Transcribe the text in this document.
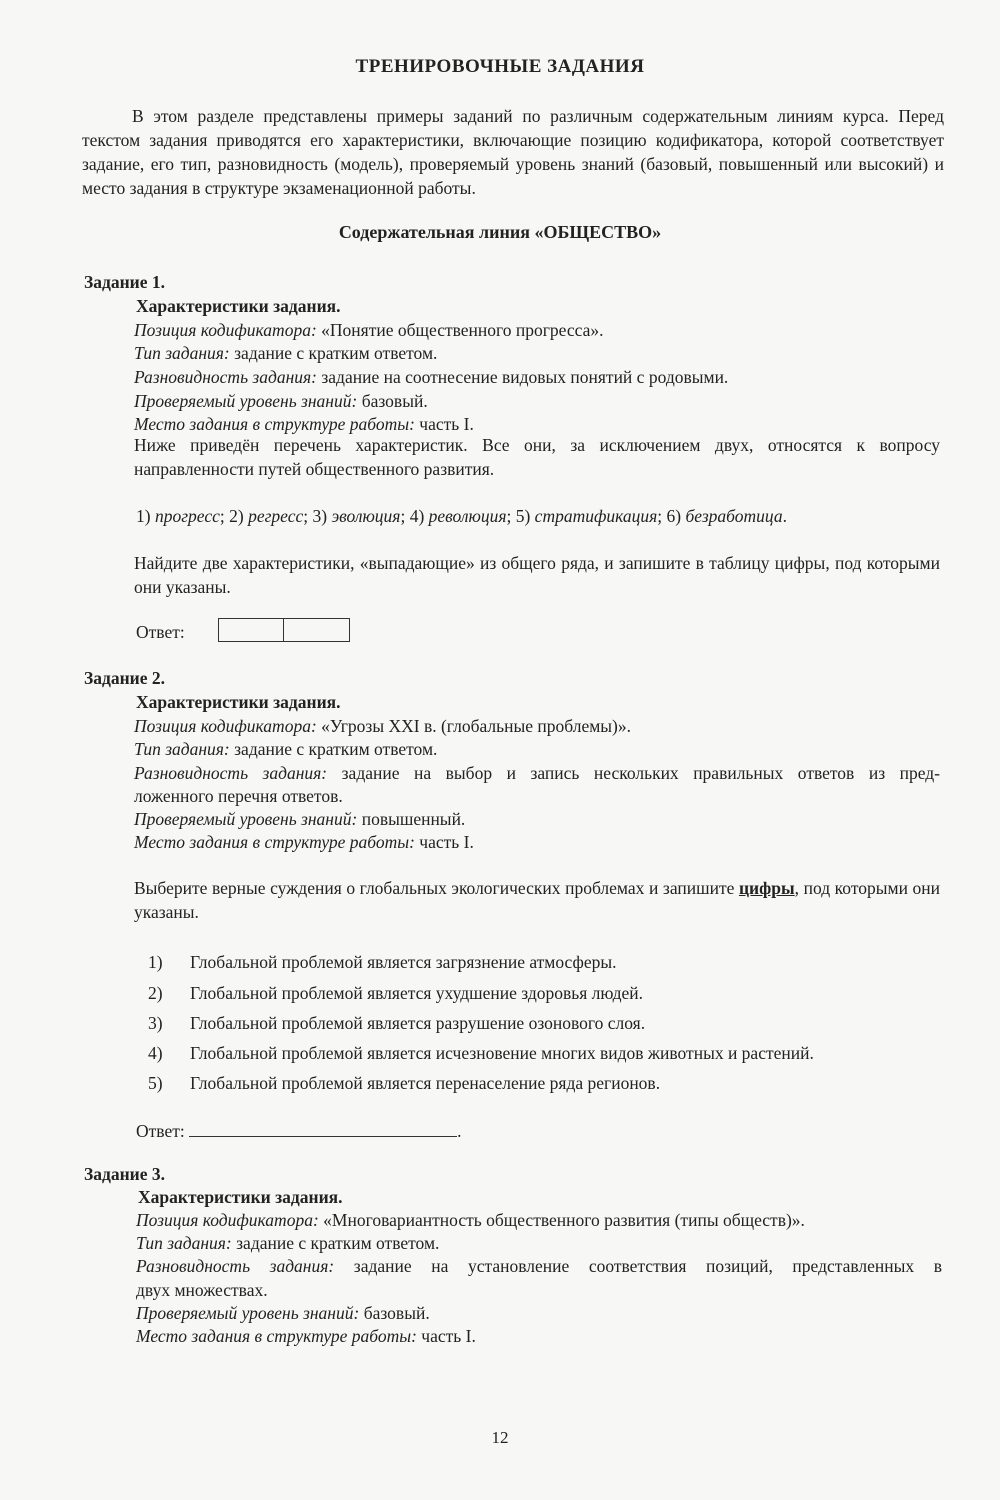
ТРЕНИРОВОЧНЫЕ ЗАДАНИЯ
В этом разделе представлены примеры заданий по различным содержательным линиям курса. Перед текстом задания приводятся его характеристики, включающие позицию кодификатора, которой соответствует задание, его тип, разновидность (модель), проверяемый уровень знаний (базовый, повышенный или высокий) и место задания в структуре экзаменационной работы.
Содержательная линия «ОБЩЕСТВО»
Задание 1.
Характеристики задания.
Позиция кодификатора: «Понятие общественного прогресса».
Тип задания: задание с кратким ответом.
Разновидность задания: задание на соотнесение видовых понятий с родовыми.
Проверяемый уровень знаний: базовый.
Место задания в структуре работы: часть I.
Ниже приведён перечень характеристик. Все они, за исключением двух, относятся к вопросу направленности путей общественного развития.
1) прогресс; 2) регресс; 3) эволюция; 4) революция; 5) стратификация; 6) безработица.
Найдите две характеристики, «выпадающие» из общего ряда, и запишите в таблицу цифры, под которыми они указаны.
Ответ:
Задание 2.
Характеристики задания.
Позиция кодификатора: «Угрозы XXI в. (глобальные проблемы)».
Тип задания: задание с кратким ответом.
Разновидность задания: задание на выбор и запись нескольких правильных ответов из пред-
ложенного перечня ответов.
Проверяемый уровень знаний: повышенный.
Место задания в структуре работы: часть I.
Выберите верные суждения о глобальных экологических проблемах и запишите цифры, под которыми они указаны.
1) Глобальной проблемой является загрязнение атмосферы.
2) Глобальной проблемой является ухудшение здоровья людей.
3) Глобальной проблемой является разрушение озонового слоя.
4) Глобальной проблемой является исчезновение многих видов животных и растений.
5) Глобальной проблемой является перенаселение ряда регионов.
Ответ:	.
Задание 3.
Характеристики задания.
Позиция кодификатора: «Многовариантность общественного развития (типы обществ)».
Тип задания: задание с кратким ответом.
Разновидность задания: задание на установление соответствия позиций, представленных в
двух множествах.
Проверяемый уровень знаний: базовый.
Место задания в структуре работы: часть I.
12
